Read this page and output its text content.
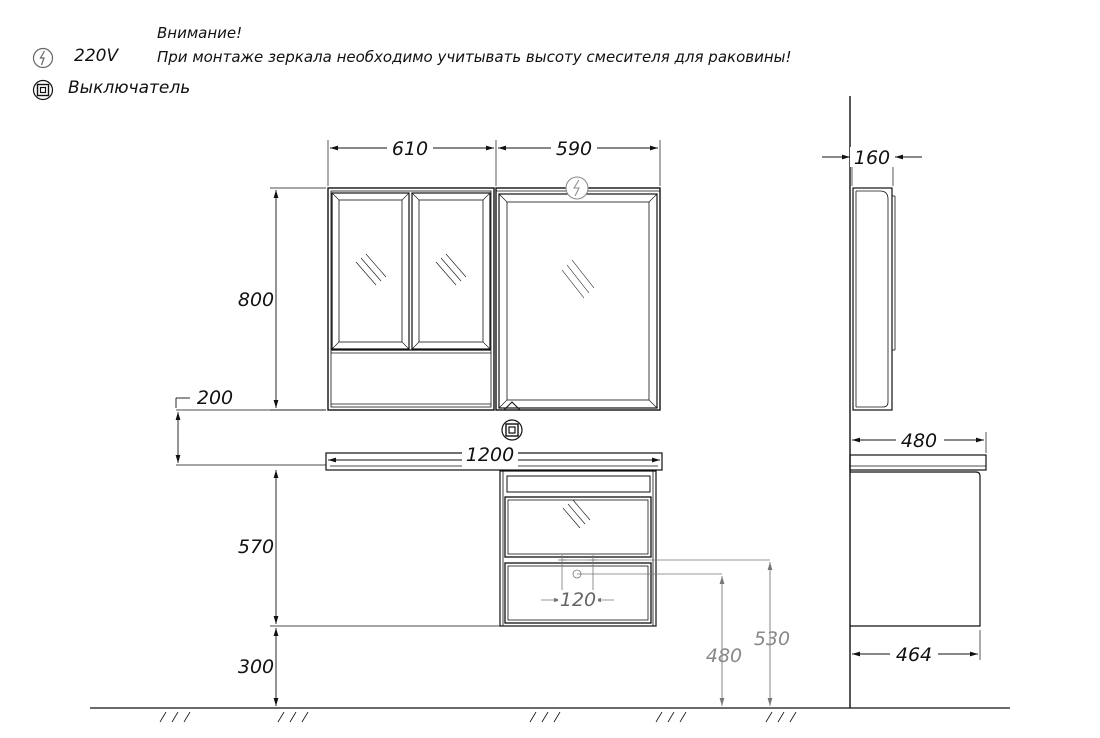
Внимание!
При монтаже зеркала необходимо учитывать высоту смесителя для раковины!
220V
Выключатель
610	590	160
800
200
1200
480
570
300
464
120
480
530
